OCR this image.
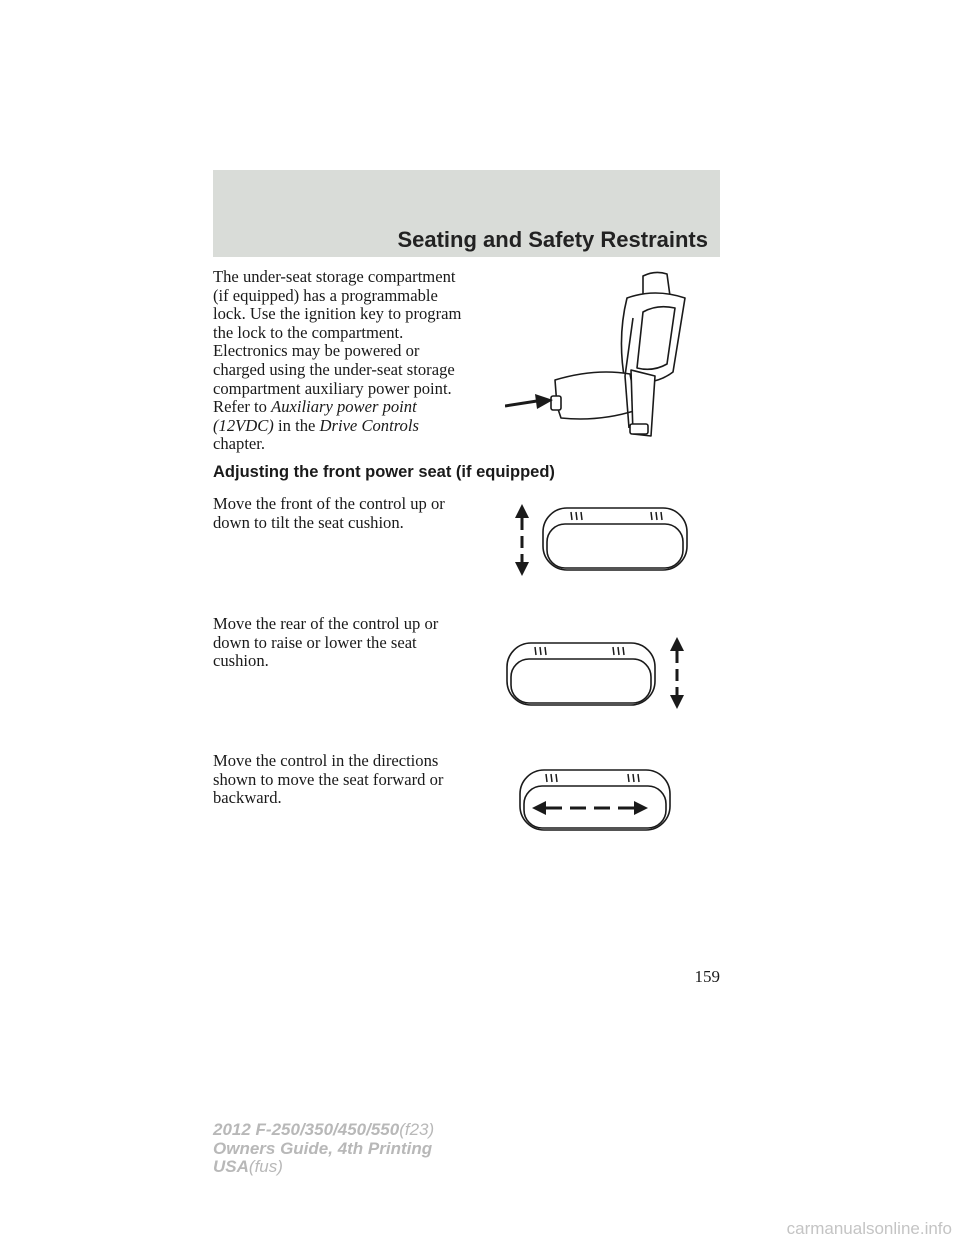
Seating and Safety Restraints
The under-seat storage compartment (if equipped) has a programmable lock. Use the ignition key to program the lock to the compartment. Electronics may be powered or charged using the under-seat storage compartment auxiliary power point. Refer to Auxiliary power point (12VDC) in the Drive Controls chapter.
Adjusting the front power seat (if equipped)
Move the front of the control up or down to tilt the seat cushion.
Move the rear of the control up or down to raise or lower the seat cushion.
Move the control in the directions shown to move the seat forward or backward.
159
2012 F-250/350/450/550(f23)
Owners Guide, 4th Printing
USA(fus)
carmanualsonline.info
